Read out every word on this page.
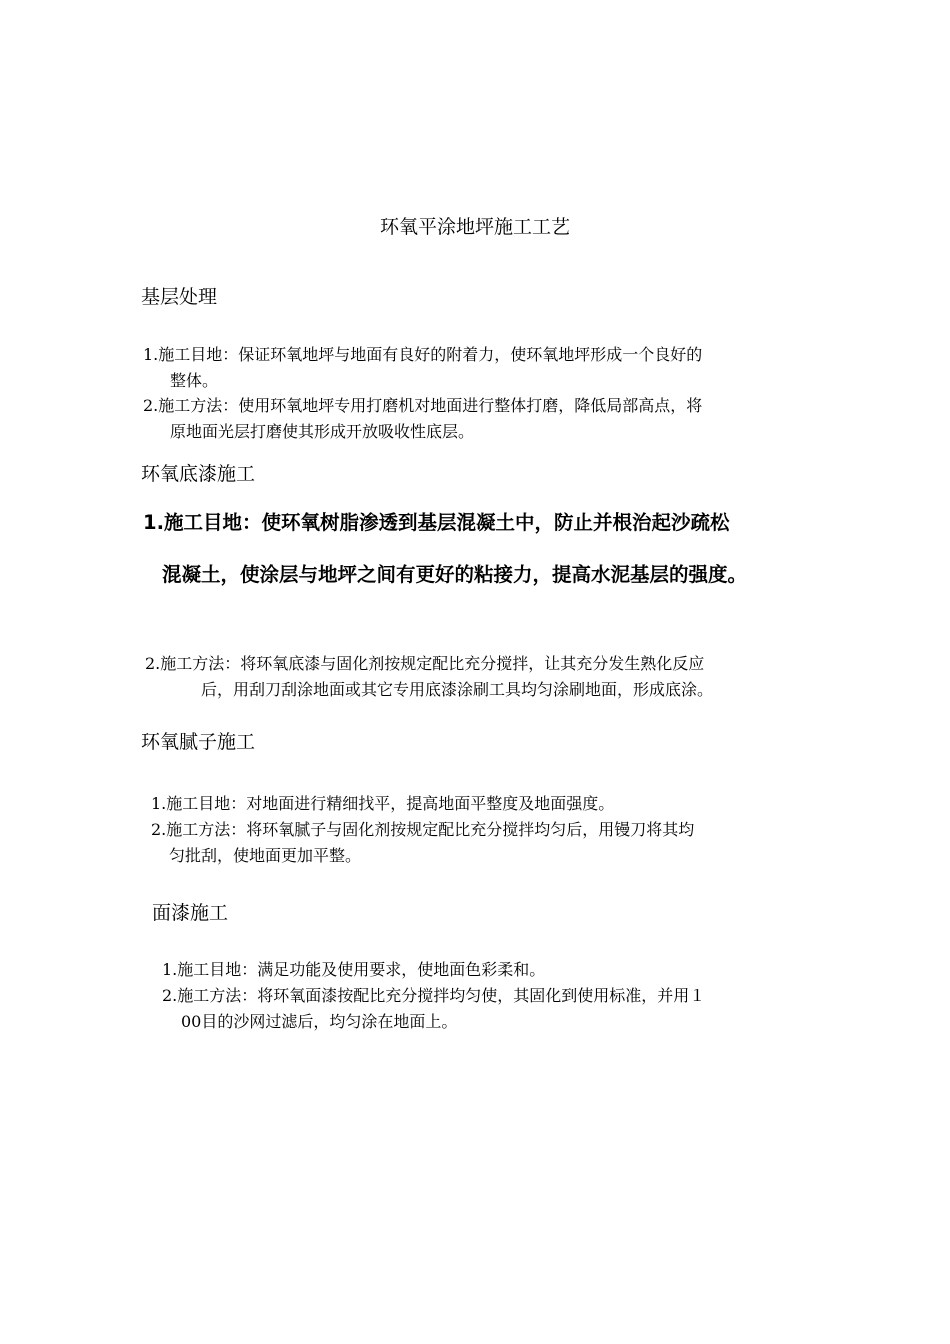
环氧平涂地坪施工工艺
基层处理
1.施工目地：保证环氧地坪与地面有良好的附着力，使环氧地坪形成一个良好的
整体。
2.施工方法：使用环氧地坪专用打磨机对地面进行整体打磨，降低局部高点，将
原地面光层打磨使其形成开放吸收性底层。
环氧底漆施工
1.施工目地：使环氧树脂渗透到基层混凝土中，防止并根治起沙疏松
混凝土，使涂层与地坪之间有更好的粘接力，提高水泥基层的强度。
2.施工方法：将环氧底漆与固化剂按规定配比充分搅拌，让其充分发生熟化反应
后，用刮刀刮涂地面或其它专用底漆涂刷工具均匀涂刷地面，形成底涂。
环氧腻子施工
1.施工目地：对地面进行精细找平，提高地面平整度及地面强度。
2.施工方法：将环氧腻子与固化剂按规定配比充分搅拌均匀后，用镘刀将其均
匀批刮，使地面更加平整。
面漆施工
1.施工目地：满足功能及使用要求，使地面色彩柔和。
2.施工方法：将环氧面漆按配比充分搅拌均匀使，其固化到使用标准，并用１
00目的沙网过滤后，均匀涂在地面上。
